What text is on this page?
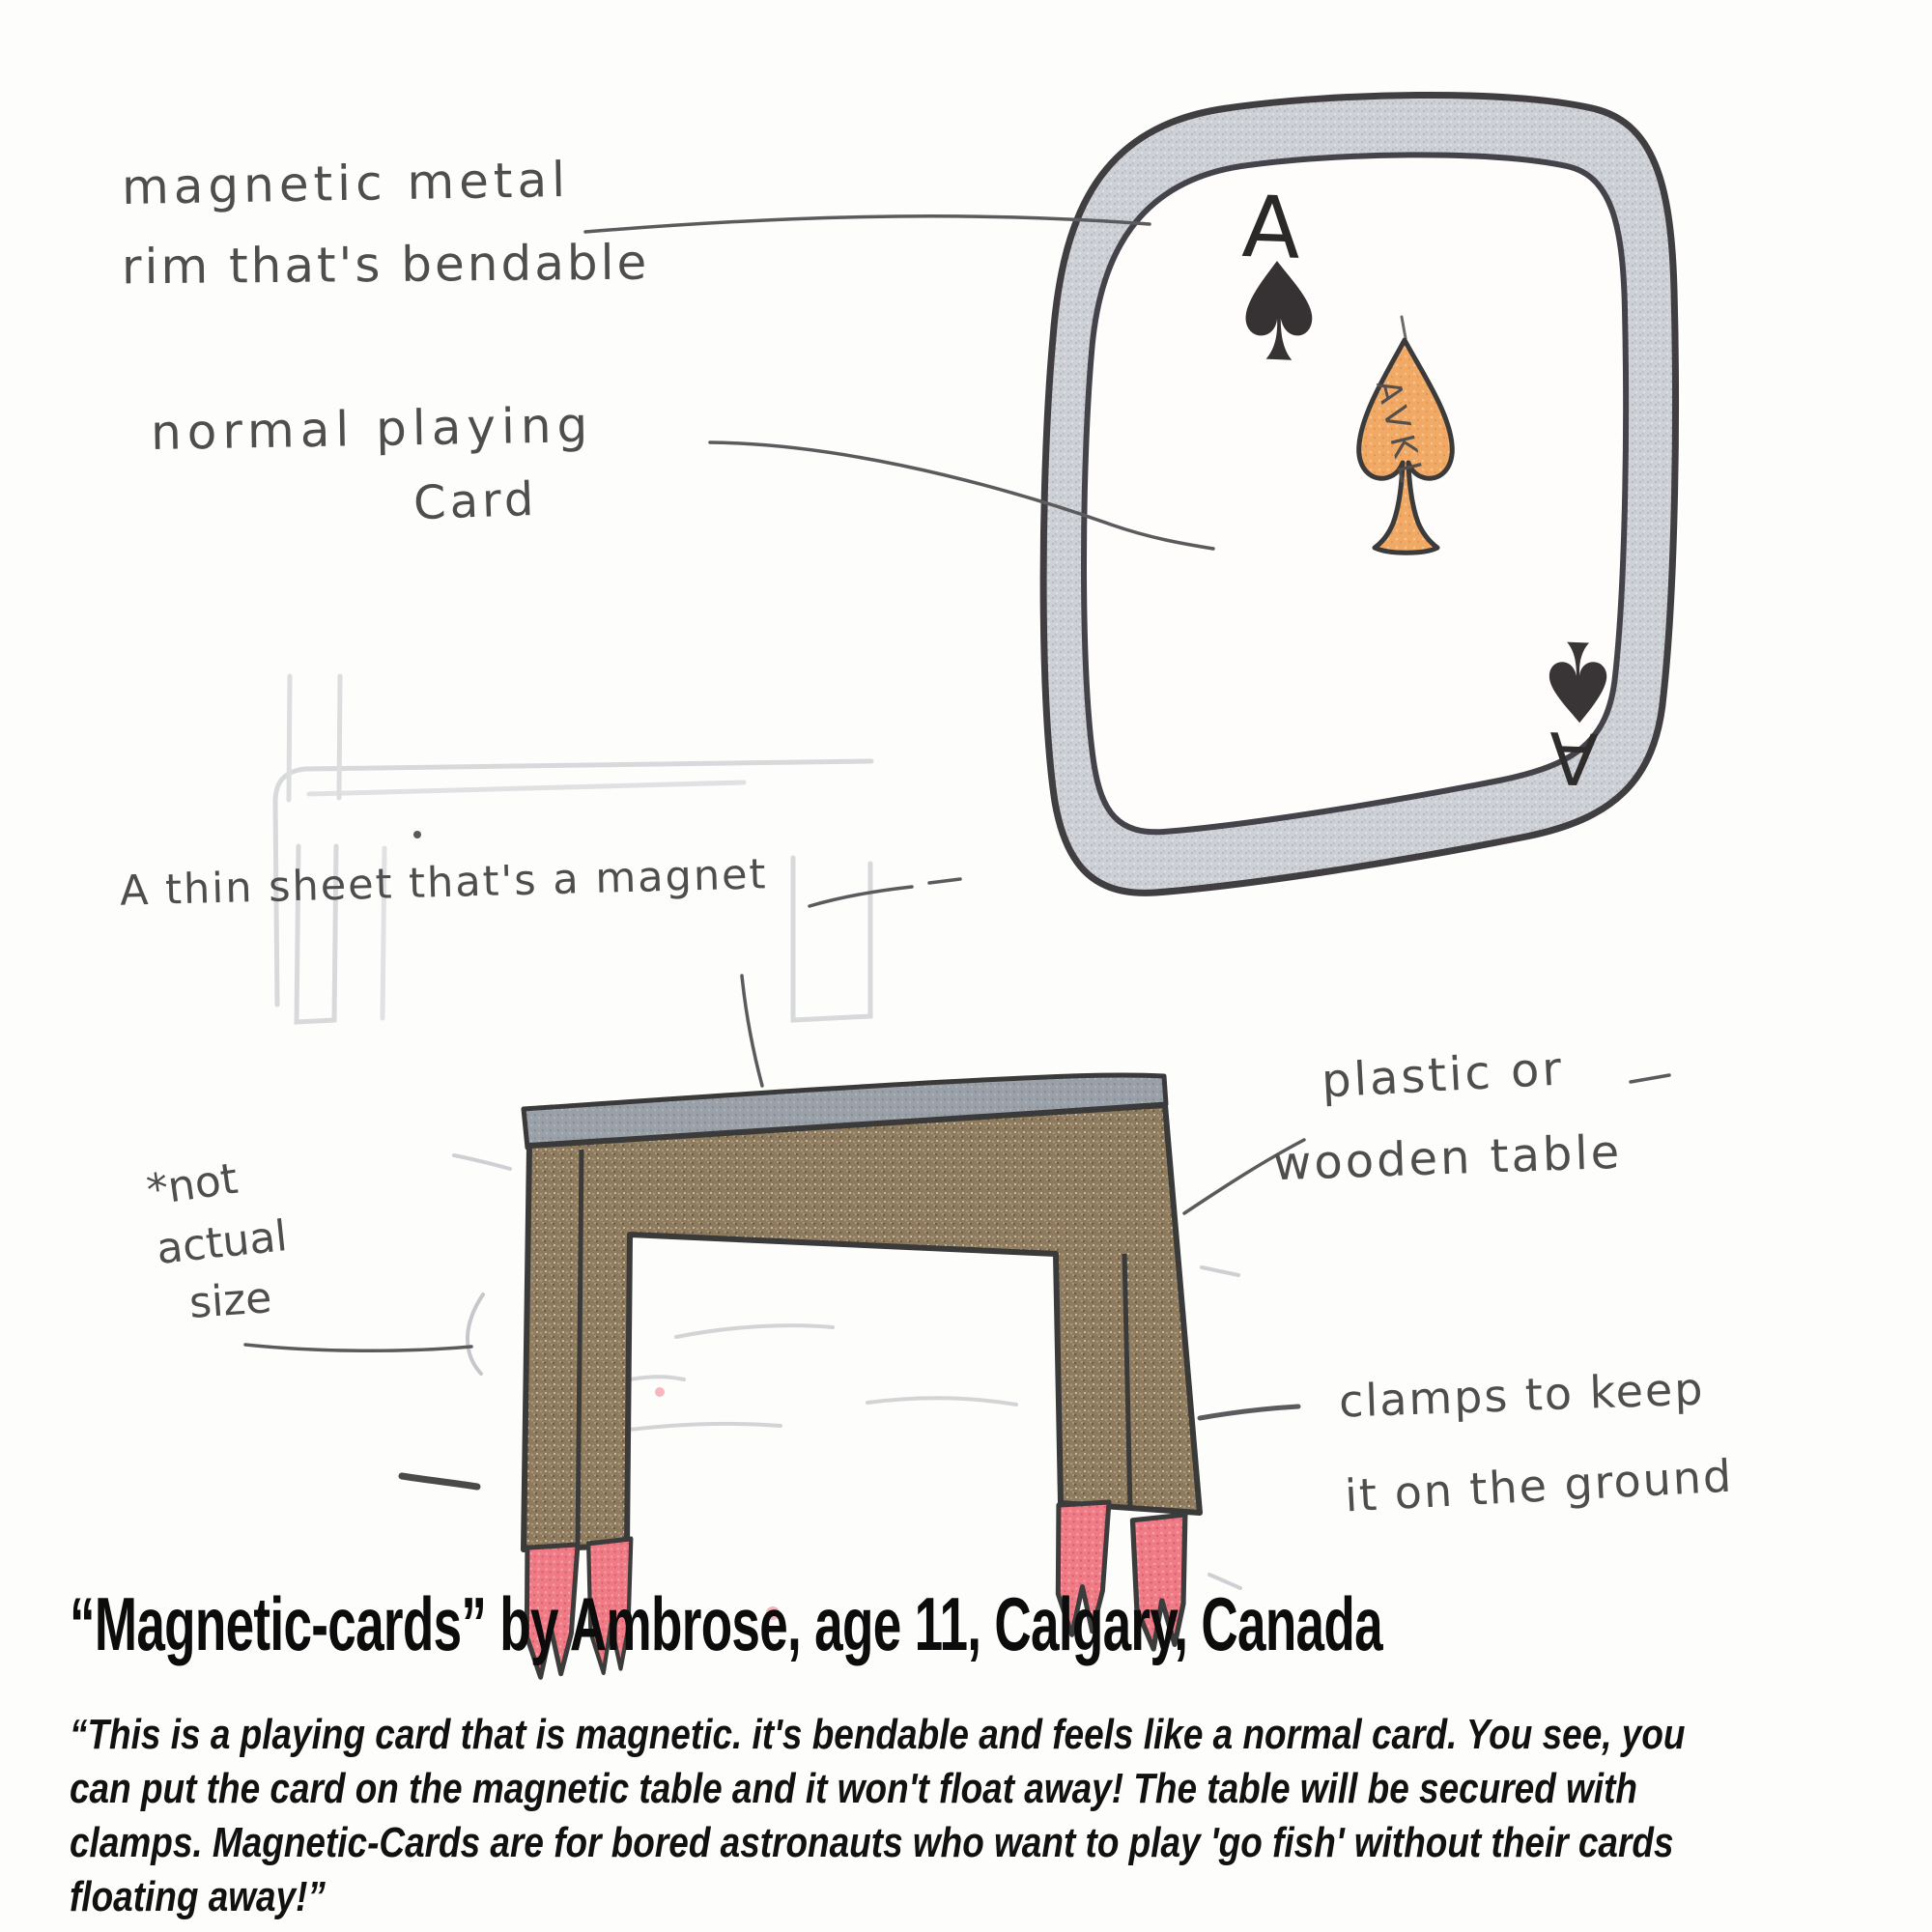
magnetic metal
rim that's bendable
normal playing
Card
A thin sheet that's a magnet
plastic or
wooden table
clamps to keep
it on the ground
*not
actual
size
A
A
AVKL
“Magnetic-cards” by Ambrose, age 11, Calgary, Canada
“This is a playing card that is magnetic. it's bendable and feels like a normal card. You see, you
can put the card on the magnetic table and it won't float away! The table will be secured with
clamps. Magnetic-Cards are for bored astronauts who want to play 'go fish' without their cards
floating away!”
